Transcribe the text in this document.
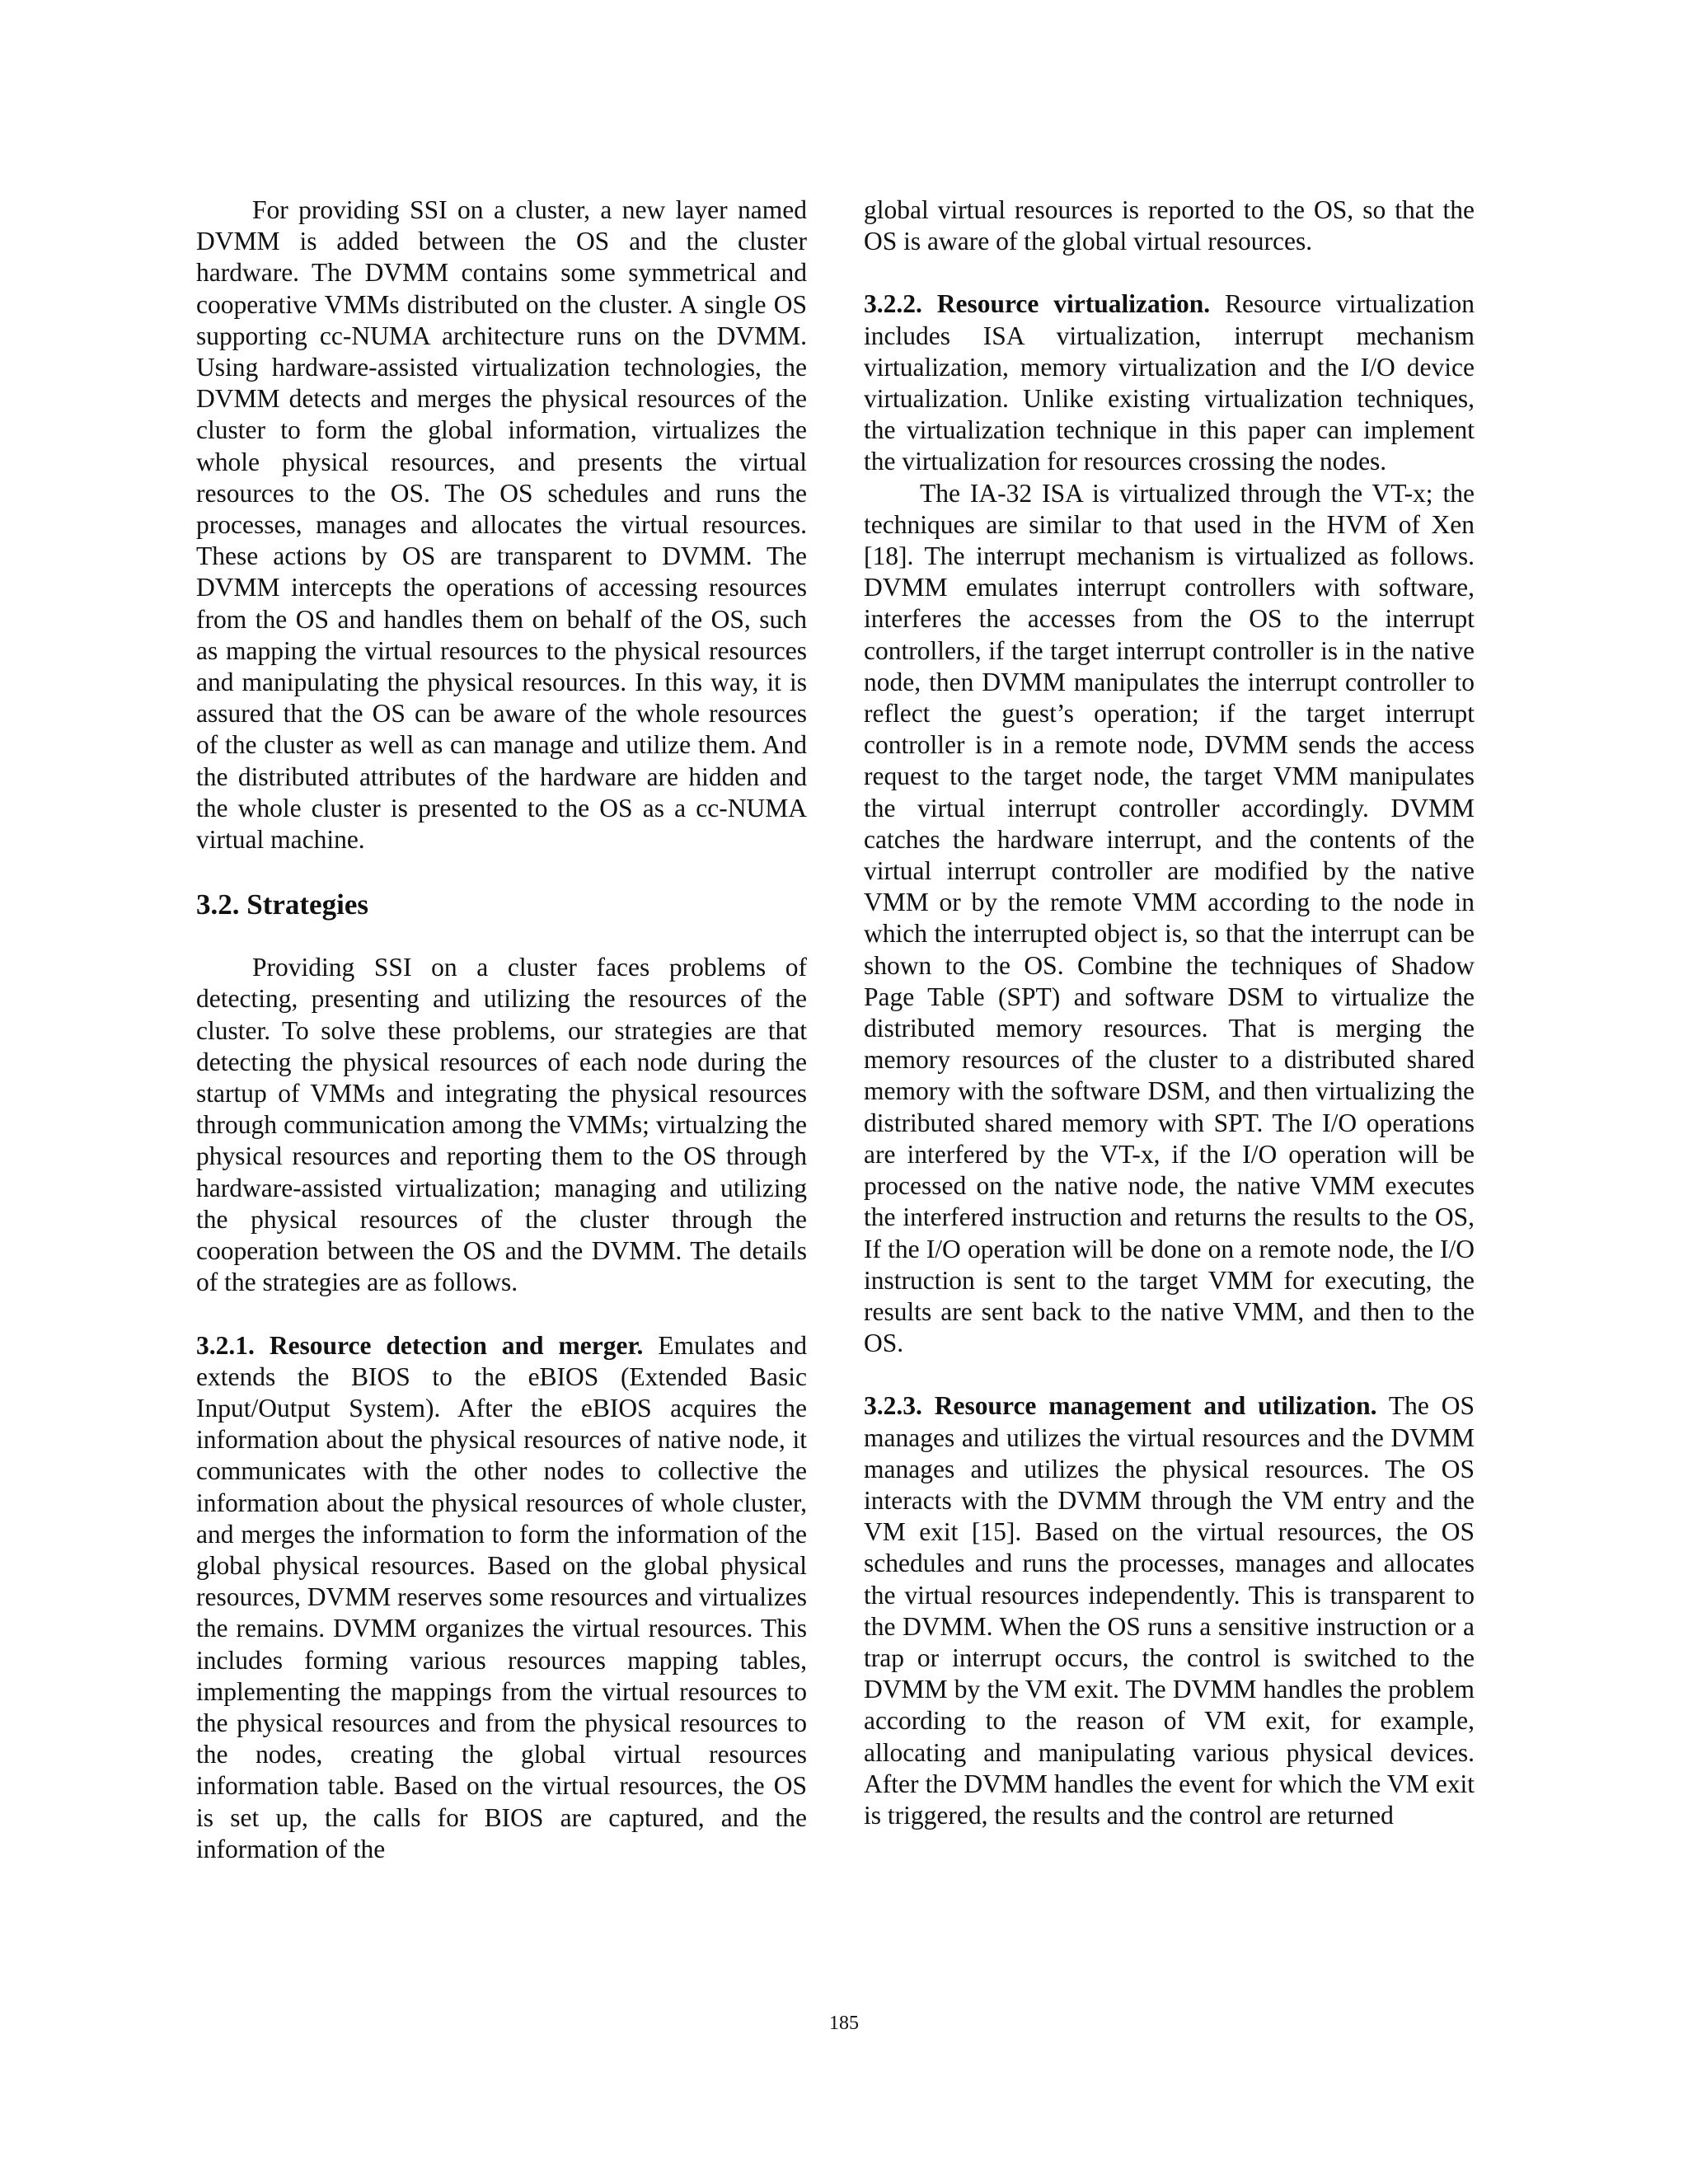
For providing SSI on a cluster, a new layer named DVMM is added between the OS and the cluster hardware. The DVMM contains some symmetrical and cooperative VMMs distributed on the cluster. A single OS supporting cc-NUMA architecture runs on the DVMM. Using hardware-assisted virtualization technologies, the DVMM detects and merges the physical resources of the cluster to form the global information, virtualizes the whole physical resources, and presents the virtual resources to the OS. The OS schedules and runs the processes, manages and allocates the virtual resources. These actions by OS are transparent to DVMM. The DVMM intercepts the operations of accessing resources from the OS and handles them on behalf of the OS, such as mapping the virtual resources to the physical resources and manipulating the physical resources. In this way, it is assured that the OS can be aware of the whole resources of the cluster as well as can manage and utilize them. And the distributed attributes of the hardware are hidden and the whole cluster is presented to the OS as a cc-NUMA virtual machine.

3.2. Strategies

Providing SSI on a cluster faces problems of detecting, presenting and utilizing the resources of the cluster. To solve these problems, our strategies are that detecting the physical resources of each node during the startup of VMMs and integrating the physical resources through communication among the VMMs; virtualzing the physical resources and reporting them to the OS through hardware-assisted virtualization; managing and utilizing the physical resources of the cluster through the cooperation between the OS and the DVMM. The details of the strategies are as follows.

3.2.1. Resource detection and merger. Emulates and extends the BIOS to the eBIOS (Extended Basic Input/Output System). After the eBIOS acquires the information about the physical resources of native node, it communicates with the other nodes to collective the information about the physical resources of whole cluster, and merges the information to form the information of the global physical resources. Based on the global physical resources, DVMM reserves some resources and virtualizes the remains. DVMM organizes the virtual resources. This includes forming various resources mapping tables, implementing the mappings from the virtual resources to the physical resources and from the physical resources to the nodes, creating the global virtual resources information table. Based on the virtual resources, the OS is set up, the calls for BIOS are captured, and the information of the

global virtual resources is reported to the OS, so that the OS is aware of the global virtual resources.

3.2.2. Resource virtualization. Resource virtualization includes ISA virtualization, interrupt mechanism virtualization, memory virtualization and the I/O device virtualization. Unlike existing virtualization techniques, the virtualization technique in this paper can implement the virtualization for resources crossing the nodes.

The IA-32 ISA is virtualized through the VT-x; the techniques are similar to that used in the HVM of Xen [18]. The interrupt mechanism is virtualized as follows. DVMM emulates interrupt controllers with software, interferes the accesses from the OS to the interrupt controllers, if the target interrupt controller is in the native node, then DVMM manipulates the interrupt controller to reflect the guest’s operation; if the target interrupt controller is in a remote node, DVMM sends the access request to the target node, the target VMM manipulates the virtual interrupt controller accordingly. DVMM catches the hardware interrupt, and the contents of the virtual interrupt controller are modified by the native VMM or by the remote VMM according to the node in which the interrupted object is, so that the interrupt can be shown to the OS. Combine the techniques of Shadow Page Table (SPT) and software DSM to virtualize the distributed memory resources. That is merging the memory resources of the cluster to a distributed shared memory with the software DSM, and then virtualizing the distributed shared memory with SPT. The I/O operations are interfered by the VT-x, if the I/O operation will be processed on the native node, the native VMM executes the interfered instruction and returns the results to the OS, If the I/O operation will be done on a remote node, the I/O instruction is sent to the target VMM for executing, the results are sent back to the native VMM, and then to the OS.

3.2.3. Resource management and utilization. The OS manages and utilizes the virtual resources and the DVMM manages and utilizes the physical resources. The OS interacts with the DVMM through the VM entry and the VM exit [15]. Based on the virtual resources, the OS schedules and runs the processes, manages and allocates the virtual resources independently. This is transparent to the DVMM. When the OS runs a sensitive instruction or a trap or interrupt occurs, the control is switched to the DVMM by the VM exit. The DVMM handles the problem according to the reason of VM exit, for example, allocating and manipulating various physical devices. After the DVMM handles the event for which the VM exit is triggered, the results and the control are returned

185
